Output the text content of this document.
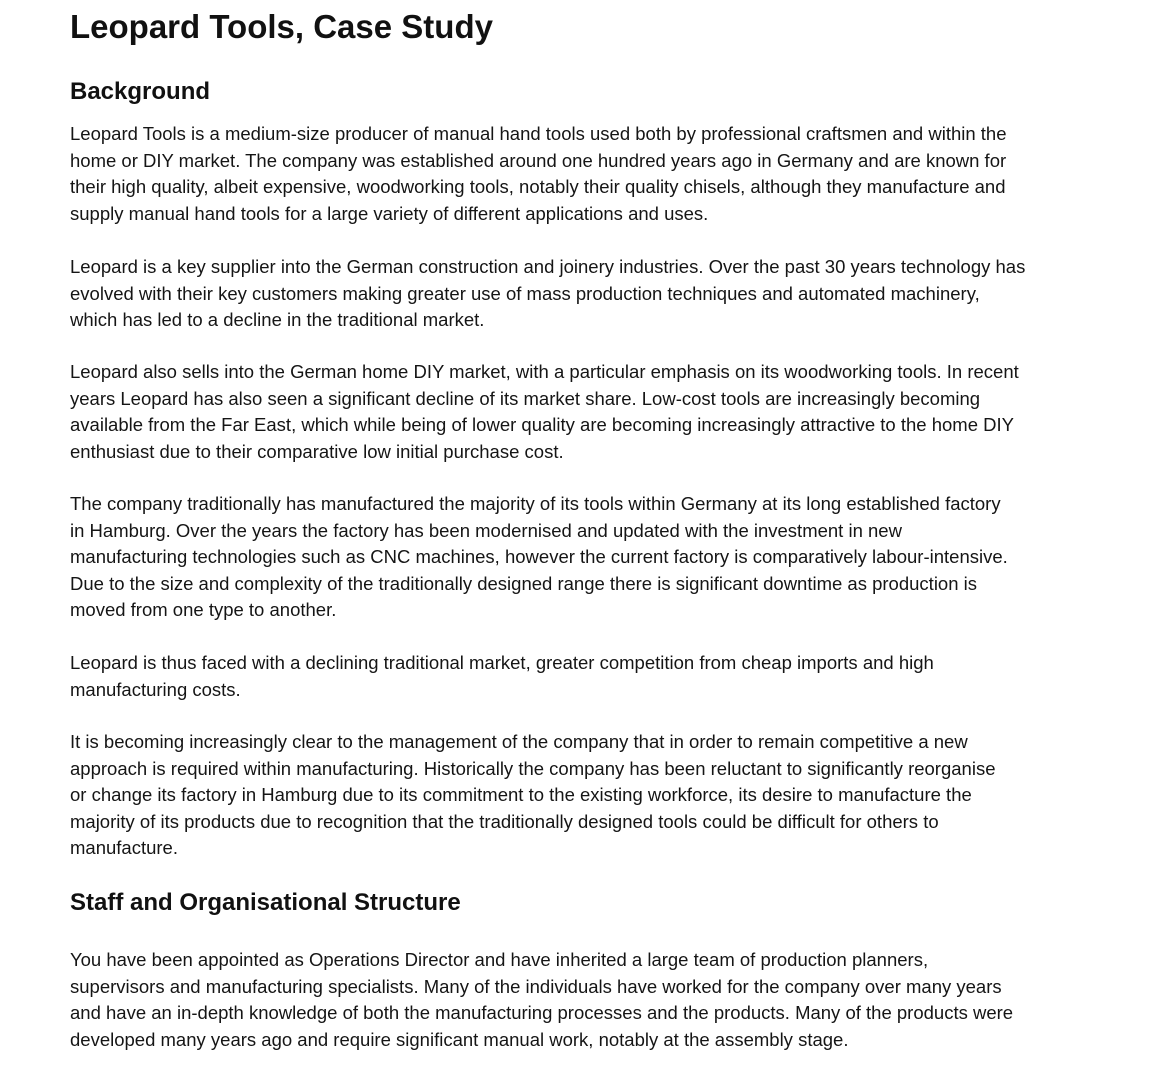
Leopard Tools, Case Study
Background

Leopard Tools is a medium-size producer of manual hand tools used both by professional craftsmen and within the
home or DIY market. The company was established around one hundred years ago in Germany and are known for
their high quality, albeit expensive, woodworking tools, notably their quality chisels, although they manufacture and
supply manual hand tools for a large variety of different applications and uses.

Leopard is a key supplier into the German construction and joinery industries. Over the past 30 years technology has
evolved with their key customers making greater use of mass production techniques and automated machinery,
which has led to a decline in the traditional market.

Leopard also sells into the German home DIY market, with a particular emphasis on its woodworking tools. In recent
years Leopard has also seen a significant decline of its market share. Low-cost tools are increasingly becoming
available from the Far East, which while being of lower quality are becoming increasingly attractive to the home DIY
enthusiast due to their comparative low initial purchase cost.

The company traditionally has manufactured the majority of its tools within Germany at its long established factory
in Hamburg. Over the years the factory has been modernised and updated with the investment in new
manufacturing technologies such as CNC machines, however the current factory is comparatively labour-intensive.
Due to the size and complexity of the traditionally designed range there is significant downtime as production is
moved from one type to another.

Leopard is thus faced with a declining traditional market, greater competition from cheap imports and high
manufacturing costs.

It is becoming increasingly clear to the management of the company that in order to remain competitive a new
approach is required within manufacturing. Historically the company has been reluctant to significantly reorganise
or change its factory in Hamburg due to its commitment to the existing workforce, its desire to manufacture the
majority of its products due to recognition that the traditionally designed tools could be difficult for others to
manufacture.

Staff and Organisational Structure

You have been appointed as Operations Director and have inherited a large team of production planners,
supervisors and manufacturing specialists. Many of the individuals have worked for the company over many years
and have an in-depth knowledge of both the manufacturing processes and the products. Many of the products were
developed many years ago and require significant manual work, notably at the assembly stage.
